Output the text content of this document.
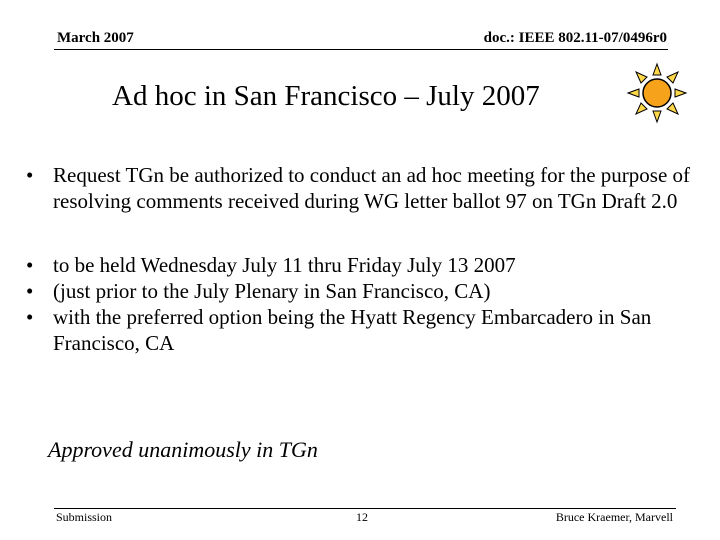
March 2007	doc.: IEEE 802.11-07/0496r0
Ad hoc in San Francisco – July 2007
• Request TGn be authorized to conduct an ad hoc meeting for the purpose of resolving comments received during WG letter ballot 97 on TGn Draft 2.0
• to be held Wednesday July 11 thru Friday July 13 2007
• (just prior to the July Plenary in San Francisco, CA)
• with the preferred option being the Hyatt Regency Embarcadero in San Francisco, CA
Approved unanimously in TGn
Submission	12	Bruce Kraemer, Marvell
